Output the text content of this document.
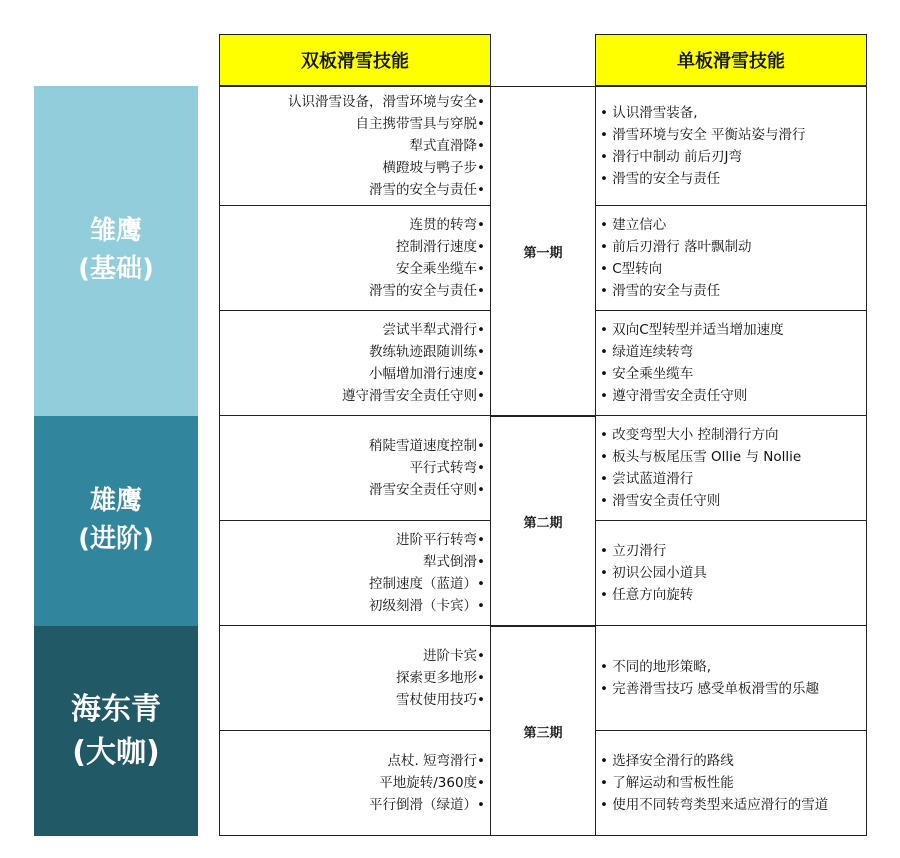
双板滑雪技能	单板滑雪技能
雏鹰
(基础)
雄鹰
(进阶)
海东青
(大咖)
第一期
第二期
第三期
认识滑雪设备，滑雪环境与安全•
自主携带雪具与穿脱•
犁式直滑降•
横蹬坡与鸭子步•
滑雪的安全与责任•
• 认识滑雪装备,
• 滑雪环境与安全 平衡站姿与滑行
• 滑行中制动 前后刃J弯
• 滑雪的安全与责任
连贯的转弯•
控制滑行速度•
安全乘坐缆车•
滑雪的安全与责任•
• 建立信心
• 前后刃滑行 落叶飘制动
• C型转向
• 滑雪的安全与责任
尝试半犁式滑行•
教练轨迹跟随训练•
小幅增加滑行速度•
遵守滑雪安全责任守则•
• 双向C型转型并适当增加速度
• 绿道连续转弯
• 安全乘坐缆车
• 遵守滑雪安全责任守则
稍陡雪道速度控制•
平行式转弯•
滑雪安全责任守则•
• 改变弯型大小 控制滑行方向
• 板头与板尾压雪 Ollie 与 Nollie
• 尝试蓝道滑行
• 滑雪安全责任守则
进阶平行转弯•
犁式倒滑•
控制速度（蓝道）•
初级刻滑（卡宾）•
• 立刃滑行
• 初识公园小道具
• 任意方向旋转
进阶卡宾•
探索更多地形•
雪杖使用技巧•
• 不同的地形策略,
• 完善滑雪技巧 感受单板滑雪的乐趣
点杖. 短弯滑行•
平地旋转/360度•
平行倒滑（绿道）•
• 选择安全滑行的路线
• 了解运动和雪板性能
• 使用不同转弯类型来适应滑行的雪道
